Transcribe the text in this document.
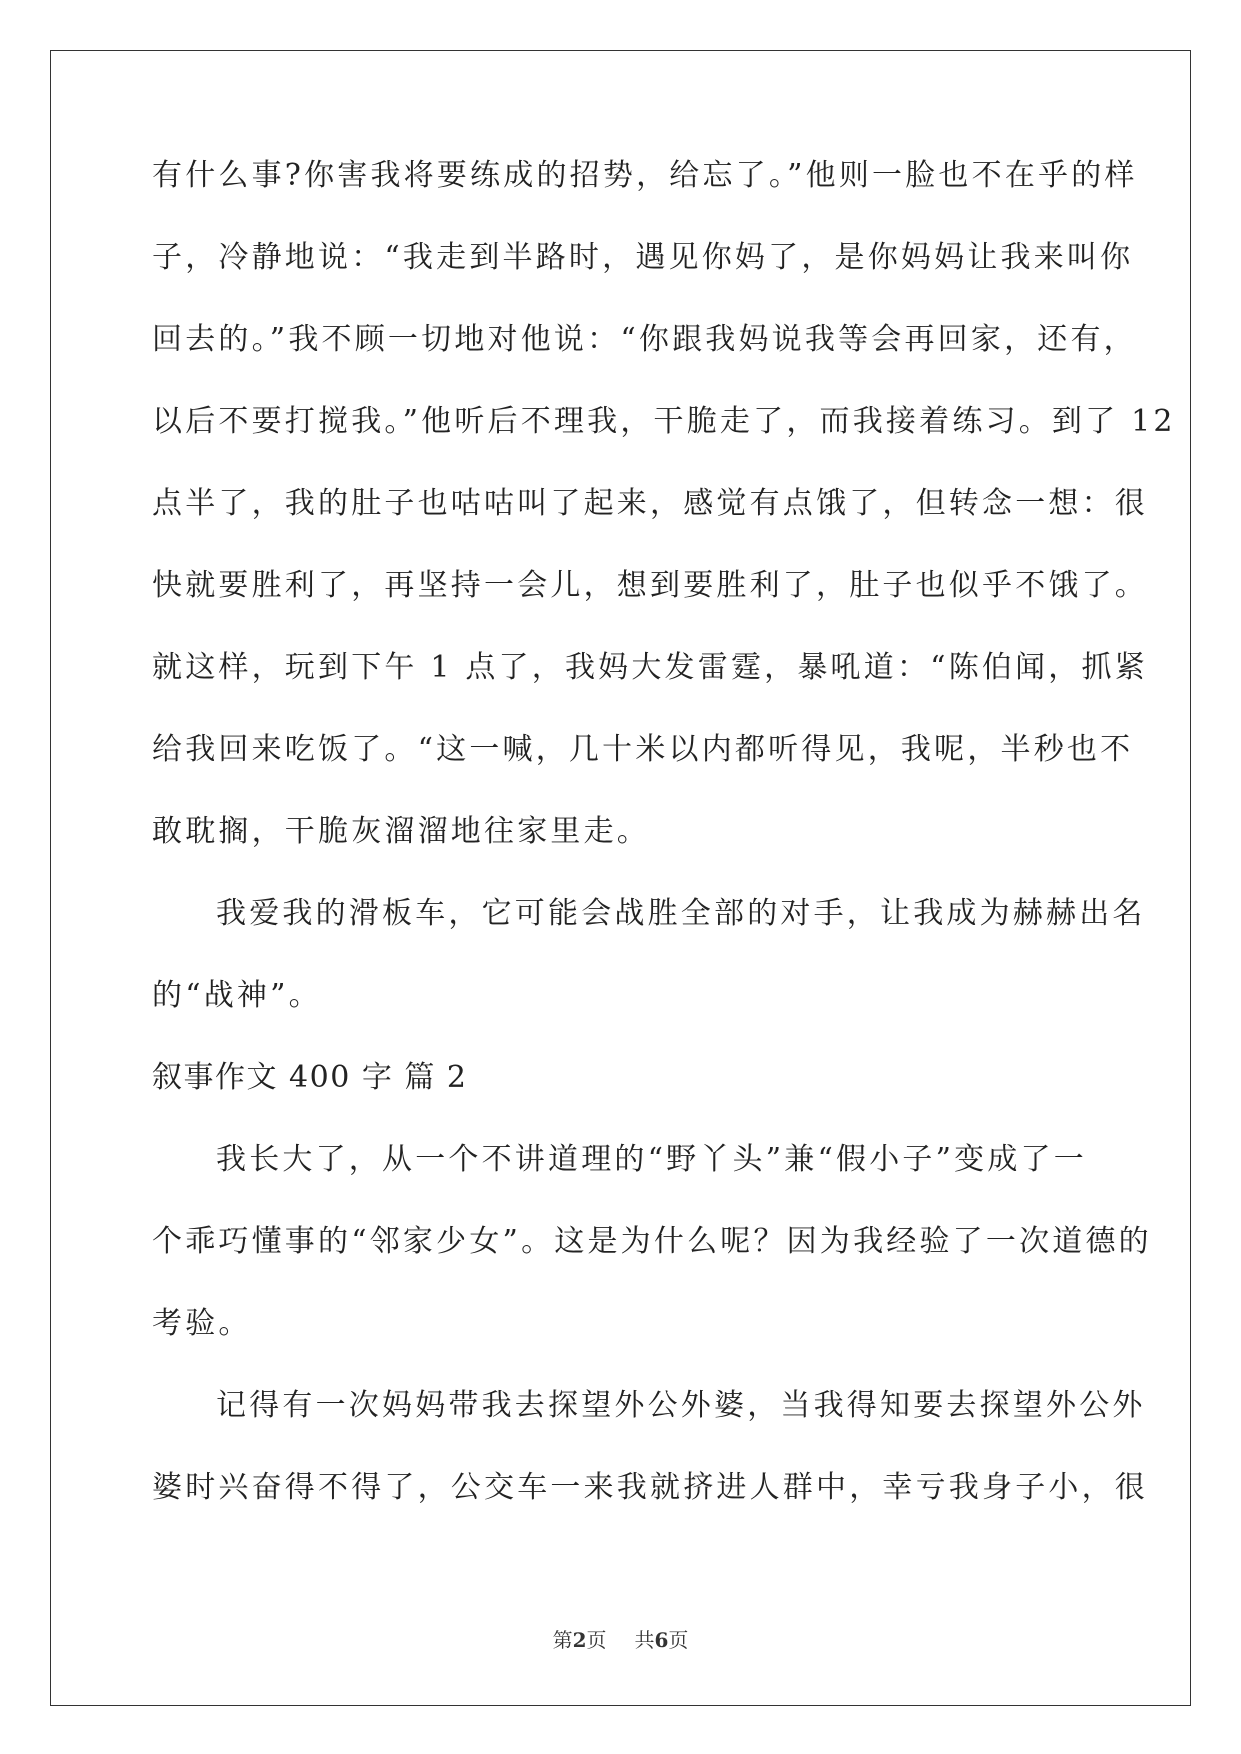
有什么事?你害我将要练成的招势，给忘了。”他则一脸也不在乎的样
子，冷静地说：“我走到半路时，遇见你妈了，是你妈妈让我来叫你
回去的。”我不顾一切地对他说：“你跟我妈说我等会再回家，还有，
以后不要打搅我。”他听后不理我，干脆走了，而我接着练习。到了 12
点半了，我的肚子也咕咕叫了起来，感觉有点饿了，但转念一想：很
快就要胜利了，再坚持一会儿，想到要胜利了，肚子也似乎不饿了。
就这样，玩到下午 1 点了，我妈大发雷霆，暴吼道：“陈伯闻，抓紧
给我回来吃饭了。“这一喊，几十米以内都听得见，我呢，半秒也不
敢耽搁，干脆灰溜溜地往家里走。
我爱我的滑板车，它可能会战胜全部的对手，让我成为赫赫出名
的“战神”。
叙事作文 400 字 篇 2
我长大了，从一个不讲道理的“野丫头”兼“假小子”变成了一
个乖巧懂事的“邻家少女”。这是为什么呢？因为我经验了一次道德的
考验。
记得有一次妈妈带我去探望外公外婆，当我得知要去探望外公外
婆时兴奋得不得了，公交车一来我就挤进人群中，幸亏我身子小，很
第2页 共6页
